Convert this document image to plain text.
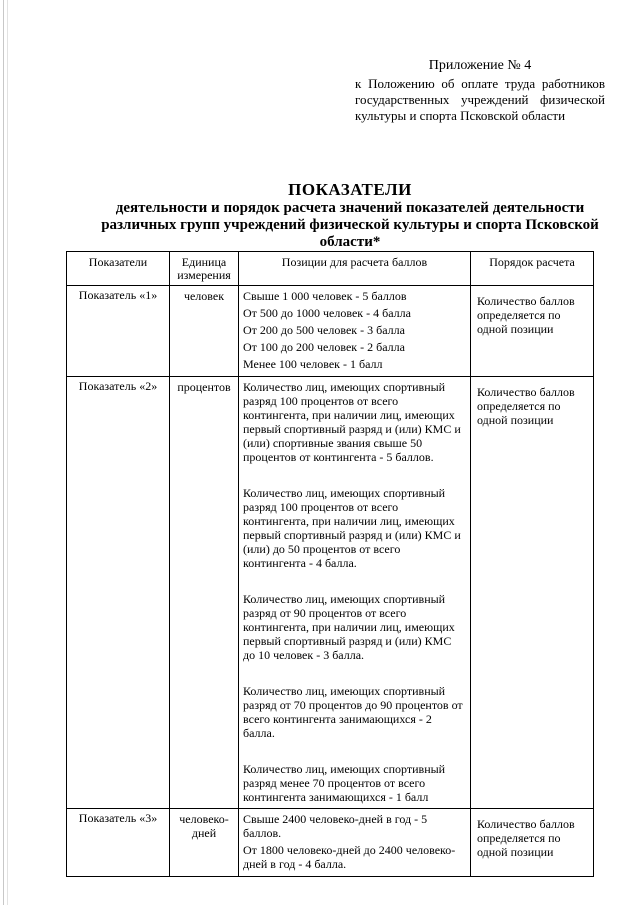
Приложение № 4
к Положению об оплате труда работников государственных учреждений физической культуры и спорта Псковской области
ПОКАЗАТЕЛИ
деятельности и порядок расчета значений показателей деятельности различных групп учреждений физической культуры и спорта Псковской области*
Показатели	Единица измерения	Позиции для расчета баллов	Порядок расчета
Показатель «1»	человек	Свыше 1 000 человек - 5 баллов
От 500 до 1000 человек - 4 балла
От 200 до 500 человек - 3 балла
От 100 до 200 человек - 2 балла
Менее 100 человек - 1 балл	Количество баллов определяется по одной позиции
Показатель «2»	процентов	Количество лиц, имеющих спортивный разряд 100 процентов от всего контингента, при наличии лиц, имеющих первый спортивный разряд и (или) КМС и (или) спортивные звания свыше 50 процентов от контингента - 5 баллов.
Количество лиц, имеющих спортивный разряд 100 процентов от всего контингента, при наличии лиц, имеющих первый спортивный разряд и (или) КМС и (или) до 50 процентов от всего контингента - 4 балла.
Количество лиц, имеющих спортивный разряд от 90 процентов от всего контингента, при наличии лиц, имеющих первый спортивный разряд и (или) КМС до 10 человек - 3 балла.
Количество лиц, имеющих спортивный разряд от 70 процентов до 90 процентов от всего контингента занимающихся - 2 балла.
Количество лиц, имеющих спортивный разряд менее 70 процентов от всего контингента занимающихся - 1 балл	Количество баллов определяется по одной позиции
Показатель «3»	человеко-дней	Свыше 2400 человеко-дней в год - 5 баллов.
От 1800 человеко-дней до 2400 человеко-дней в год - 4 балла.	Количество баллов определяется по одной позиции
